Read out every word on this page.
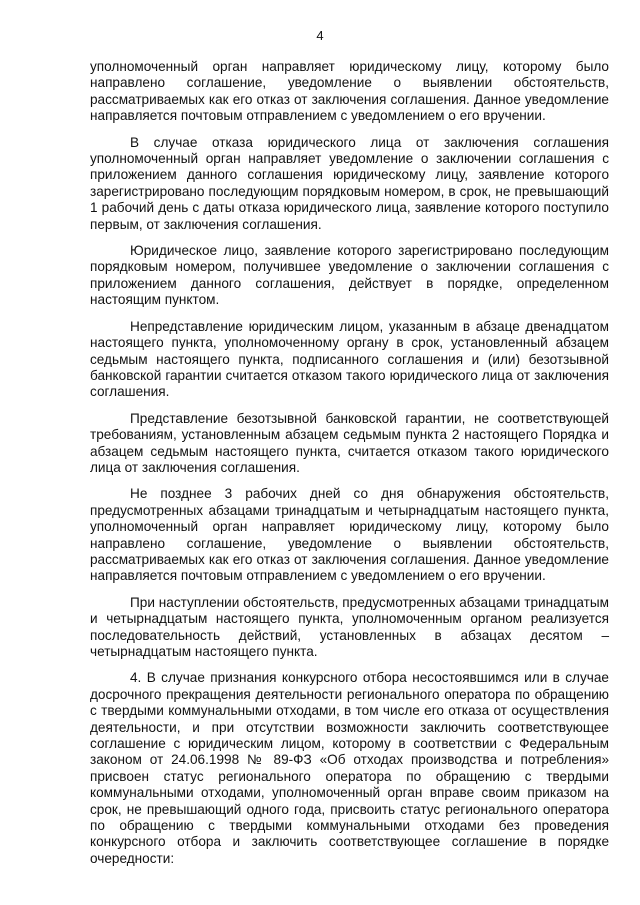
4

уполномоченный орган направляет юридическому лицу, которому было направлено соглашение, уведомление о выявлении обстоятельств, рассматриваемых как его отказ от заключения соглашения. Данное уведомление направляется почтовым отправлением с уведомлением о его вручении.

В случае отказа юридического лица от заключения соглашения уполномоченный орган направляет уведомление о заключении соглашения с приложением данного соглашения юридическому лицу, заявление которого зарегистрировано последующим порядковым номером, в срок, не превышающий 1 рабочий день с даты отказа юридического лица, заявление которого поступило первым, от заключения соглашения.

Юридическое лицо, заявление которого зарегистрировано последующим порядковым номером, получившее уведомление о заключении соглашения с приложением данного соглашения, действует в порядке, определенном настоящим пунктом.

Непредставление юридическим лицом, указанным в абзаце двенадцатом настоящего пункта, уполномоченному органу в срок, установленный абзацем седьмым настоящего пункта, подписанного соглашения и (или) безотзывной банковской гарантии считается отказом такого юридического лица от заключения соглашения.

Представление безотзывной банковской гарантии, не соответствующей требованиям, установленным абзацем седьмым пункта 2 настоящего Порядка и абзацем седьмым настоящего пункта, считается отказом такого юридического лица от заключения соглашения.

Не позднее 3 рабочих дней со дня обнаружения обстоятельств, предусмотренных абзацами тринадцатым и четырнадцатым настоящего пункта, уполномоченный орган направляет юридическому лицу, которому было направлено соглашение, уведомление о выявлении обстоятельств, рассматриваемых как его отказ от заключения соглашения. Данное уведомление направляется почтовым отправлением с уведомлением о его вручении.

При наступлении обстоятельств, предусмотренных абзацами тринадцатым и четырнадцатым настоящего пункта, уполномоченным органом реализуется последовательность действий, установленных в абзацах десятом – четырнадцатым настоящего пункта.

4. В случае признания конкурсного отбора несостоявшимся или в случае досрочного прекращения деятельности регионального оператора по обращению с твердыми коммунальными отходами, в том числе его отказа от осуществления деятельности, и при отсутствии возможности заключить соответствующее соглашение с юридическим лицом, которому в соответствии с Федеральным законом от 24.06.1998 № 89-ФЗ «Об отходах производства и потребления» присвоен статус регионального оператора по обращению с твердыми коммунальными отходами, уполномоченный орган вправе своим приказом на срок, не превышающий одного года, присвоить статус регионального оператора по обращению с твердыми коммунальными отходами без проведения конкурсного отбора и заключить соответствующее соглашение в порядке очередности:
